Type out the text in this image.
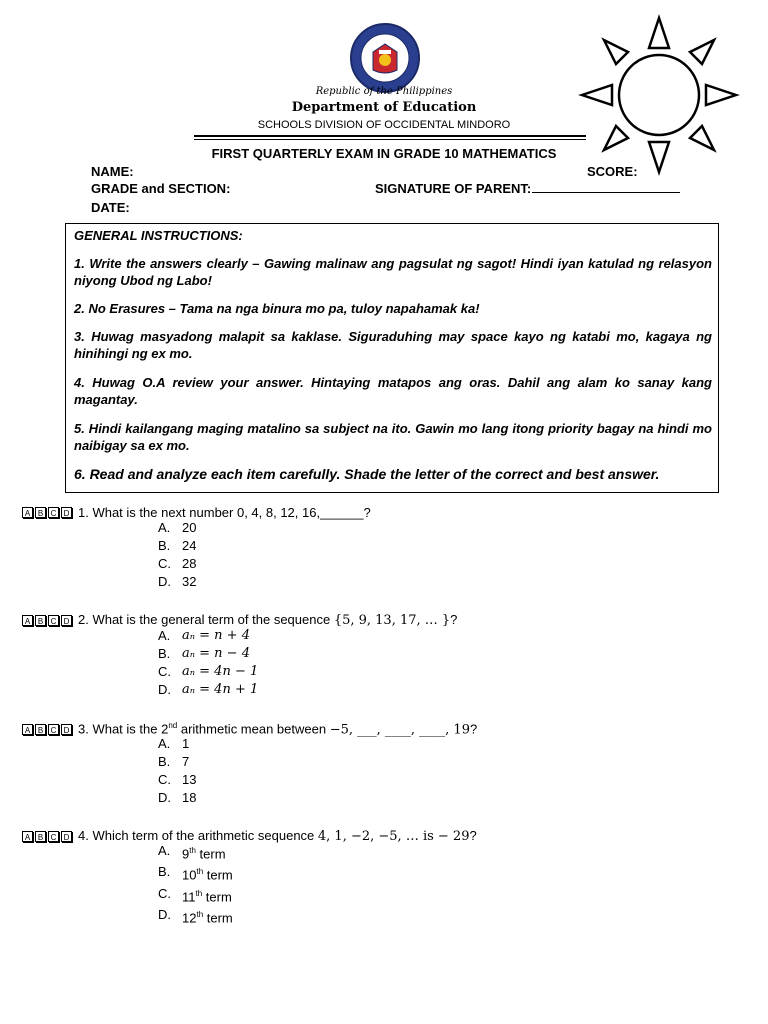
Republic of the Philippines
Department of Education
SCHOOLS DIVISION OF OCCIDENTAL MINDORO
FIRST QUARTERLY EXAM IN GRADE 10 MATHEMATICS
NAME:	SCORE:
GRADE and SECTION:	SIGNATURE OF PARENT:
DATE:
GENERAL INSTRUCTIONS:
1. Write the answers clearly – Gawing malinaw ang pagsulat ng sagot! Hindi iyan katulad ng relasyon niyong Ubod ng Labo!
2. No Erasures – Tama na nga binura mo pa, tuloy napahamak ka!
3. Huwag masyadong malapit sa kaklase. Siguraduhing may space kayo ng katabi mo, kagaya ng hinihingi ng ex mo.
4. Huwag O.A review your answer. Hintaying matapos ang oras. Dahil ang alam ko sanay kang magantay.
5. Hindi kailangang maging matalino sa subject na ito. Gawin mo lang itong priority bagay na hindi mo naibigay sa ex mo.
6. Read and analyze each item carefully. Shade the letter of the correct and best answer.
A B C D 1. What is the next number 0, 4, 8, 12, 16,______?
A. 20
B. 24
C. 28
D. 32
A B C D 2. What is the general term of the sequence {5, 9, 13, 17, … }?
A. aₙ = n + 4
B. aₙ = n − 4
C. aₙ = 4n − 1
D. aₙ = 4n + 1
A B C D 3. What is the 2nd arithmetic mean between −5, ___, ____, ____, 19?
A. 1
B. 7
C. 13
D. 18
A B C D 4. Which term of the arithmetic sequence 4, 1, −2, −5, … is − 29?
A. 9th term
B. 10th term
C. 11th term
D. 12th term
